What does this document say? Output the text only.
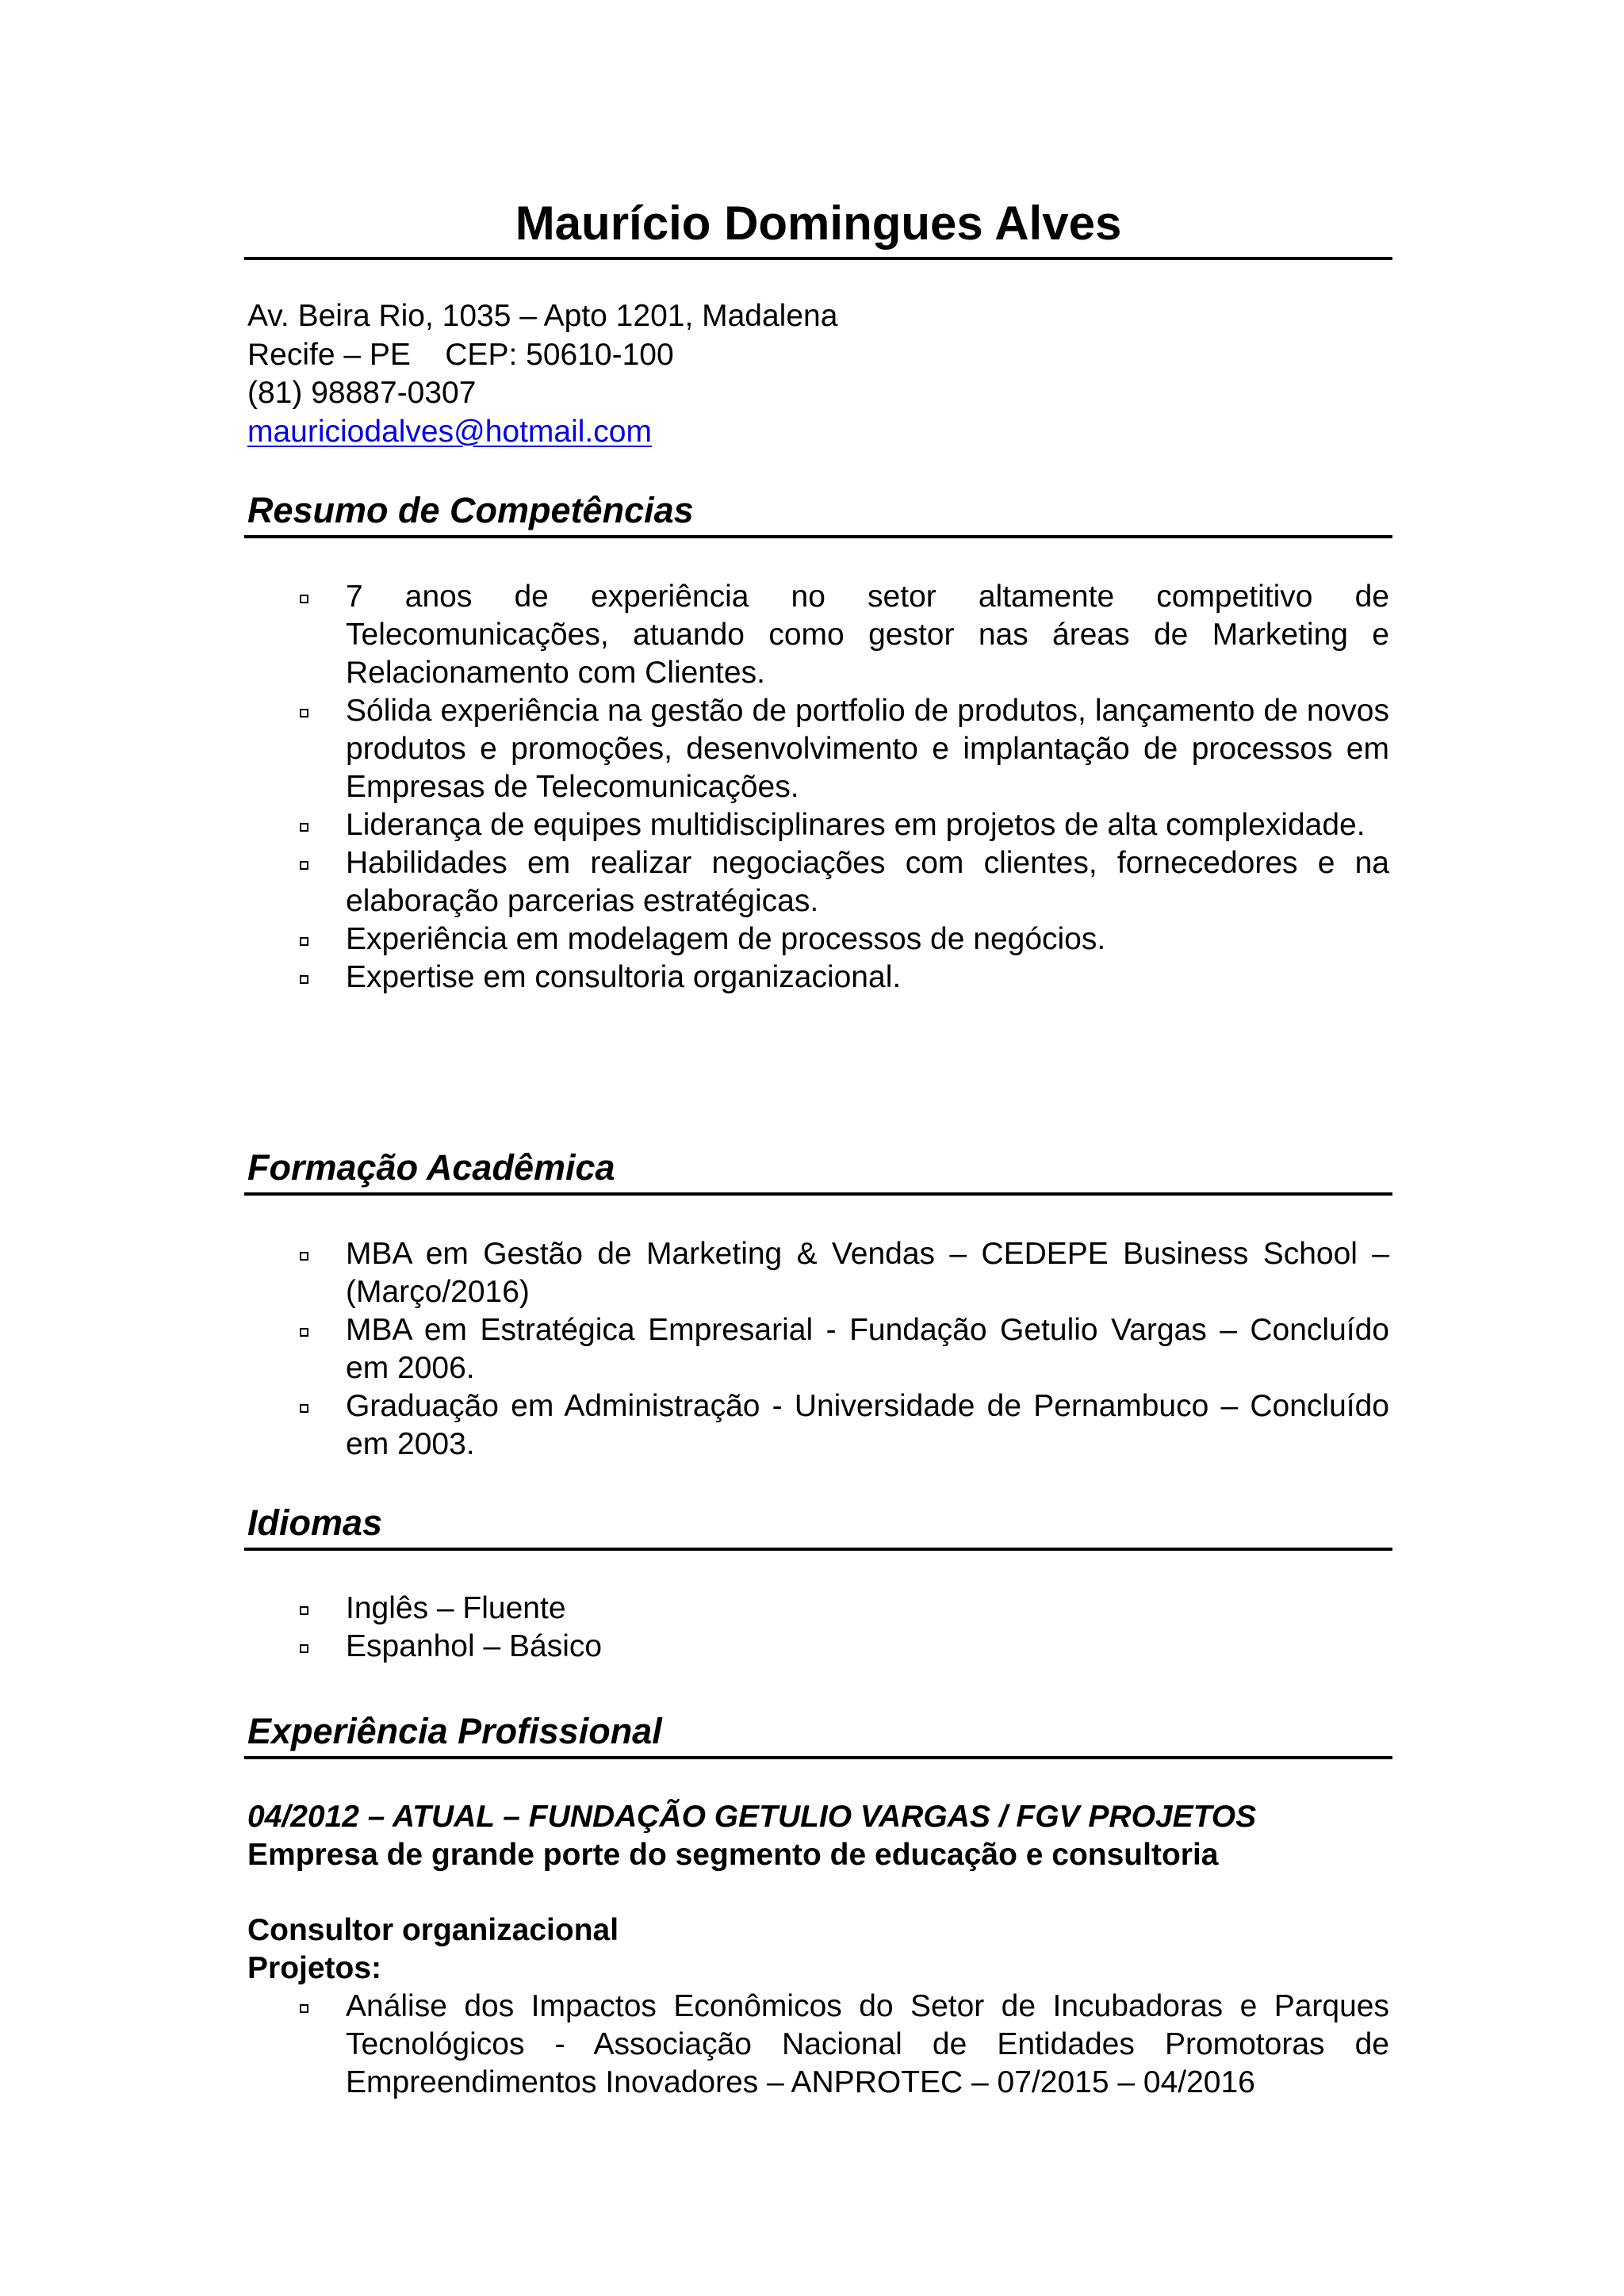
Maurício Domingues Alves
Av. Beira Rio, 1035 – Apto 1201, Madalena
Recife – PE    CEP: 50610-100
(81) 98887-0307
mauriciodalves@hotmail.com
Resumo de Competências
7 anos de experiência no setor altamente competitivo de Telecomunicações, atuando como gestor nas áreas de Marketing e Relacionamento com Clientes.
Sólida experiência na gestão de portfolio de produtos, lançamento de novos produtos e promoções, desenvolvimento e implantação de processos em Empresas de Telecomunicações.
Liderança de equipes multidisciplinares em projetos de alta complexidade.
Habilidades em realizar negociações com clientes, fornecedores e na elaboração parcerias estratégicas.
Experiência em modelagem de processos de negócios.
Expertise em consultoria organizacional.
Formação Acadêmica
MBA em Gestão de Marketing & Vendas – CEDEPE Business School – (Março/2016)
MBA em Estratégica Empresarial - Fundação Getulio Vargas – Concluído em 2006.
Graduação em Administração - Universidade de Pernambuco – Concluído em 2003.
Idiomas
Inglês – Fluente
Espanhol – Básico
Experiência Profissional
04/2012 – ATUAL – FUNDAÇÃO GETULIO VARGAS / FGV PROJETOS
Empresa de grande porte do segmento de educação e consultoria
Consultor organizacional
Projetos:
Análise dos Impactos Econômicos do Setor de Incubadoras e Parques Tecnológicos - Associação Nacional de Entidades Promotoras de Empreendimentos Inovadores – ANPROTEC – 07/2015 – 04/2016
